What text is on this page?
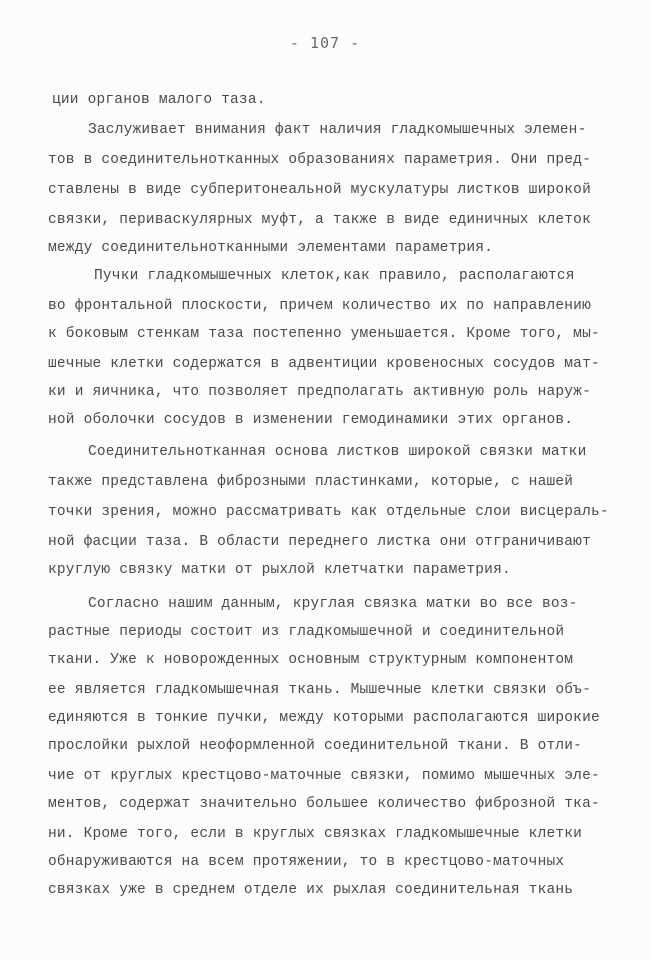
- 107 -
ции органов малого таза.
Заслуживает внимания факт наличия гладкомышечных элемен-
тов в соединительнотканных образованиях параметрия. Они пред-
ставлены в виде субперитонеальной мускулатуры листков широкой
связки, периваскулярных муфт, а также в виде единичных клеток
между соединительнотканными элементами параметрия.
Пучки гладкомышечных клеток,как правило, располагаются
во фронтальной плоскости, причем количество их по направлению
к боковым стенкам таза постепенно уменьшается. Кроме того, мы-
шечные клетки содержатся в адвентиции кровеносных сосудов мат-
ки и яичника, что позволяет предполагать активную роль наруж-
ной оболочки сосудов в изменении гемодинамики этих органов.
Соединительнотканная основа листков широкой связки матки
также представлена фиброзными пластинками, которые, с нашей
точки зрения, можно рассматривать как отдельные слои висцераль-
ной фасции таза. В области переднего листка они отграничивают
круглую связку матки от рыхлой клетчатки параметрия.
Согласно нашим данным, круглая связка матки во все воз-
растные периоды состоит из гладкомышечной и соединительной
ткани. Уже к новорожденных основным структурным компонентом
ее является гладкомышечная ткань. Мышечные клетки связки объ-
единяются в тонкие пучки, между которыми располагаются широкие
прослойки рыхлой неоформленной соединительной ткани. В отли-
чие от круглых крестцово-маточные связки, помимо мышечных эле-
ментов, содержат значительно большее количество фиброзной тка-
ни. Кроме того, если в круглых связках гладкомышечные клетки
обнаруживаются на всем протяжении, то в крестцово-маточных
связках уже в среднем отделе их рыхлая соединительная ткань
